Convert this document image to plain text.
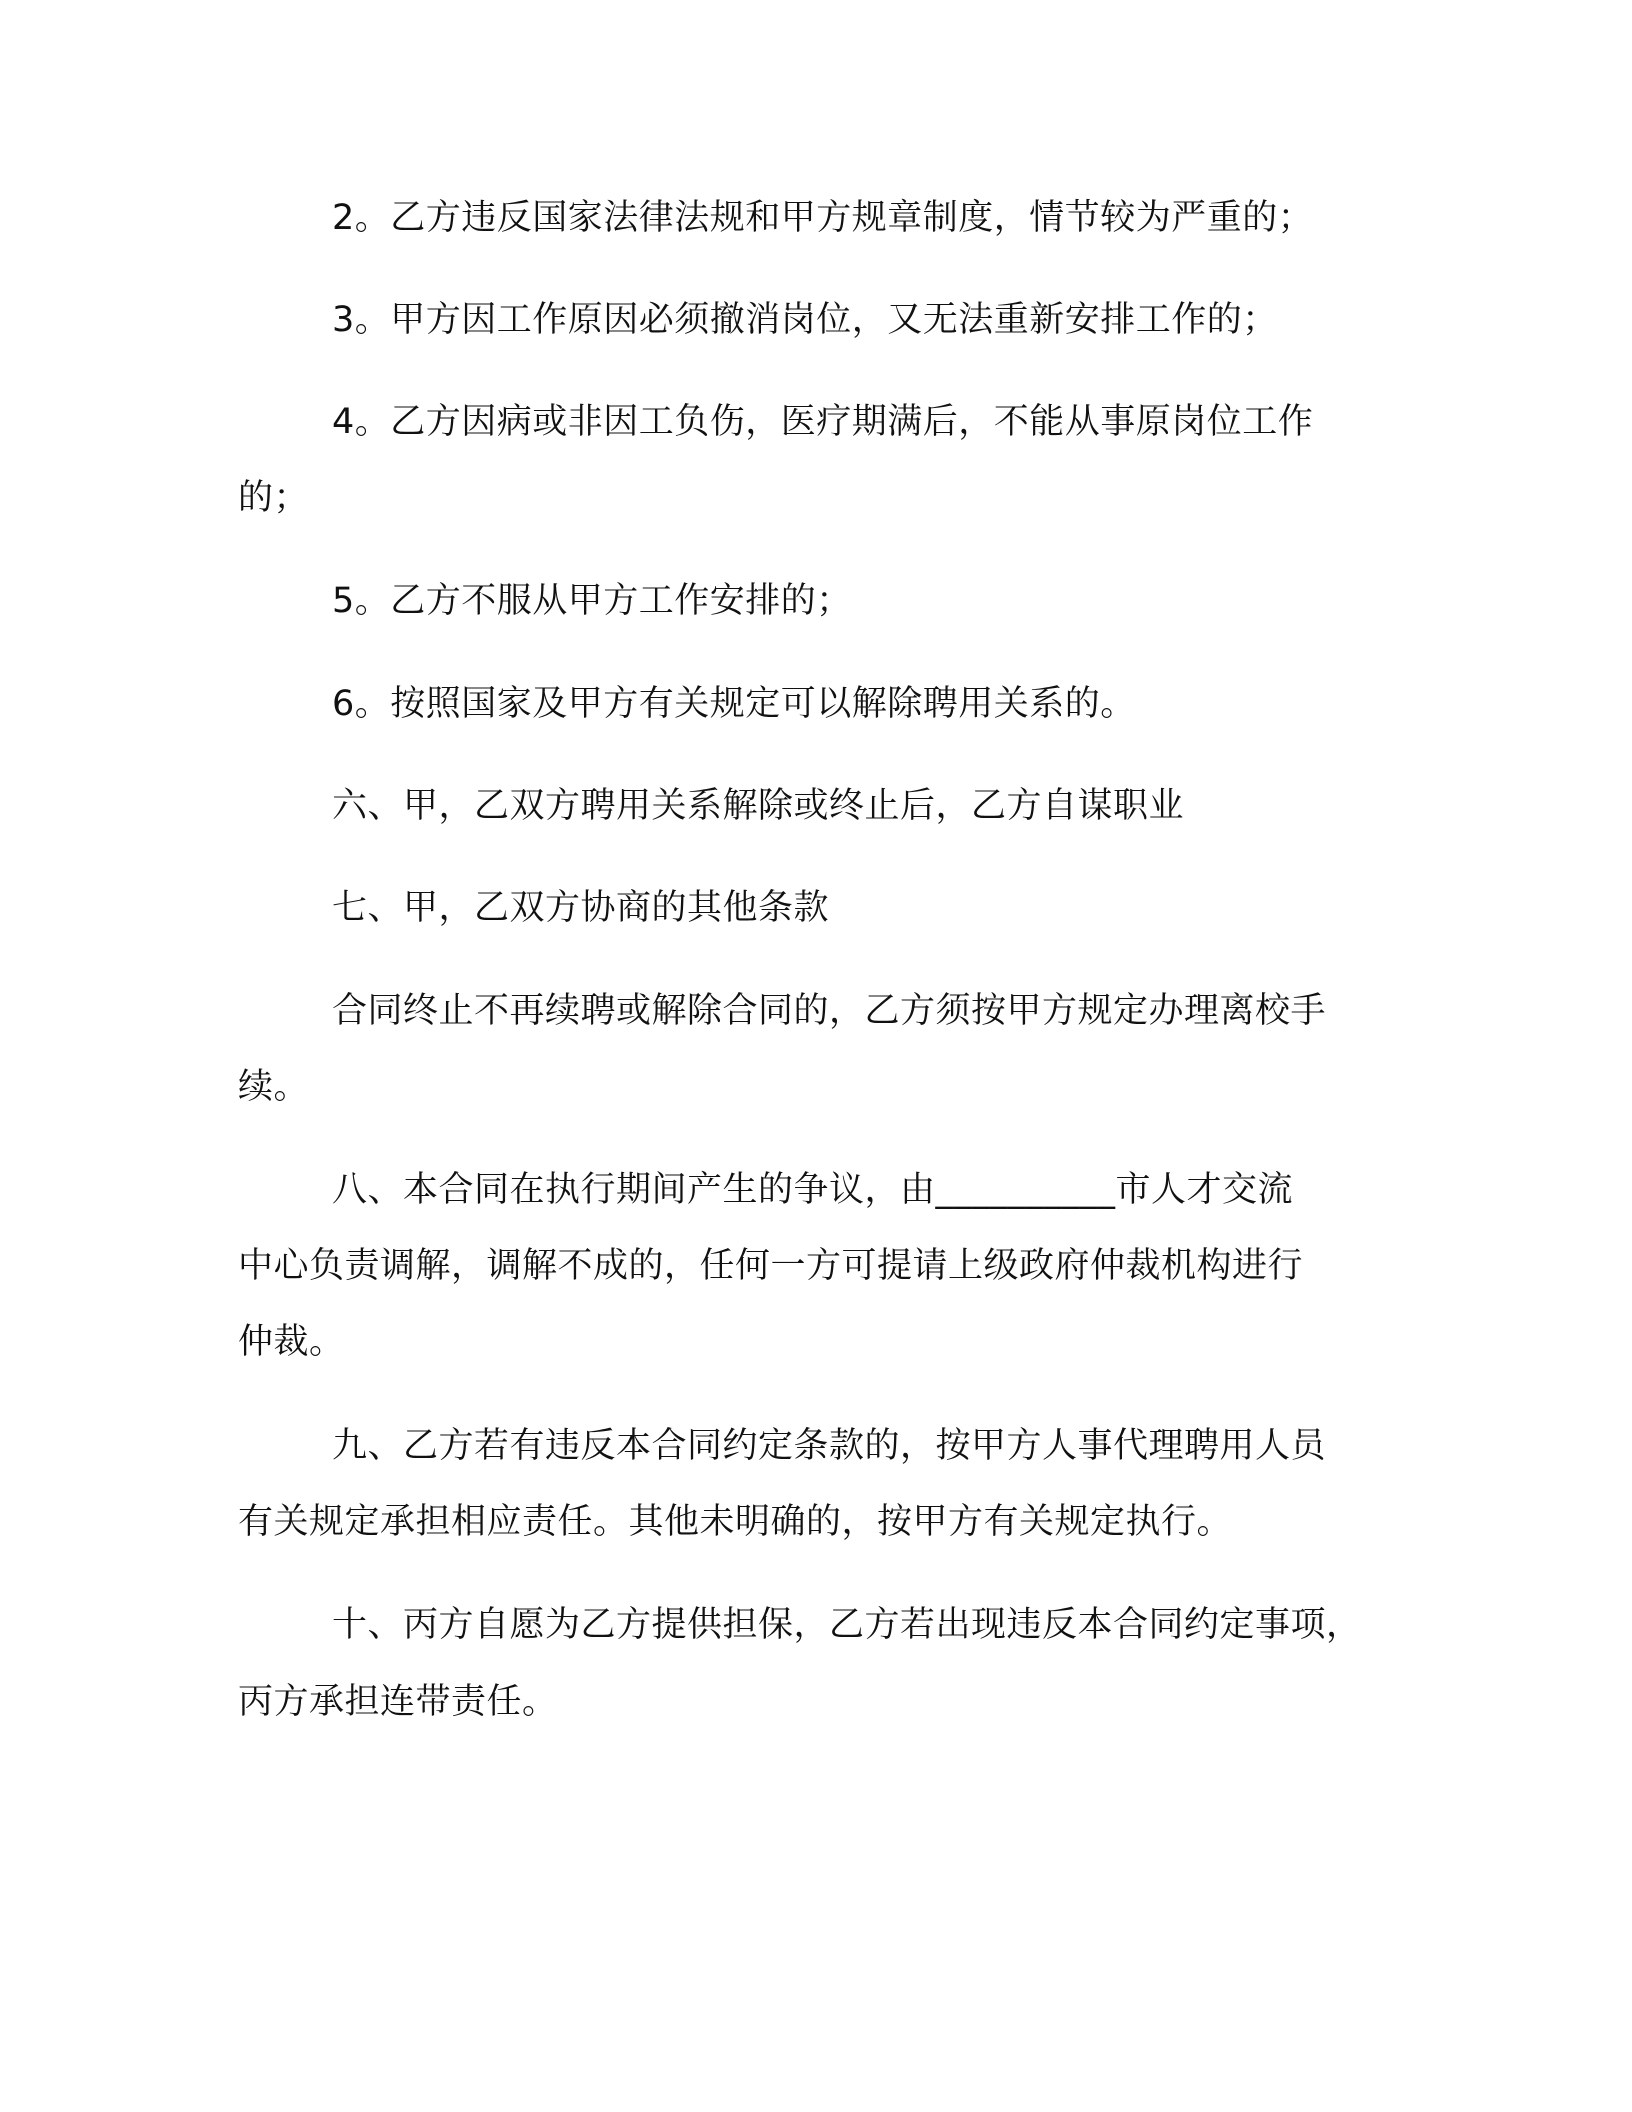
2。乙方违反国家法律法规和甲方规章制度，情节较为严重的；
3。甲方因工作原因必须撤消岗位，又无法重新安排工作的；
4。乙方因病或非因工负伤，医疗期满后，不能从事原岗位工作
的；
5。乙方不服从甲方工作安排的；
6。按照国家及甲方有关规定可以解除聘用关系的。
六、甲，乙双方聘用关系解除或终止后，乙方自谋职业
七、甲，乙双方协商的其他条款
合同终止不再续聘或解除合同的，乙方须按甲方规定办理离校手
续。
八、本合同在执行期间产生的争议，由__________市人才交流
中心负责调解，调解不成的，任何一方可提请上级政府仲裁机构进行
仲裁。
九、乙方若有违反本合同约定条款的，按甲方人事代理聘用人员
有关规定承担相应责任。其他未明确的，按甲方有关规定执行。
十、丙方自愿为乙方提供担保，乙方若出现违反本合同约定事项，
丙方承担连带责任。
